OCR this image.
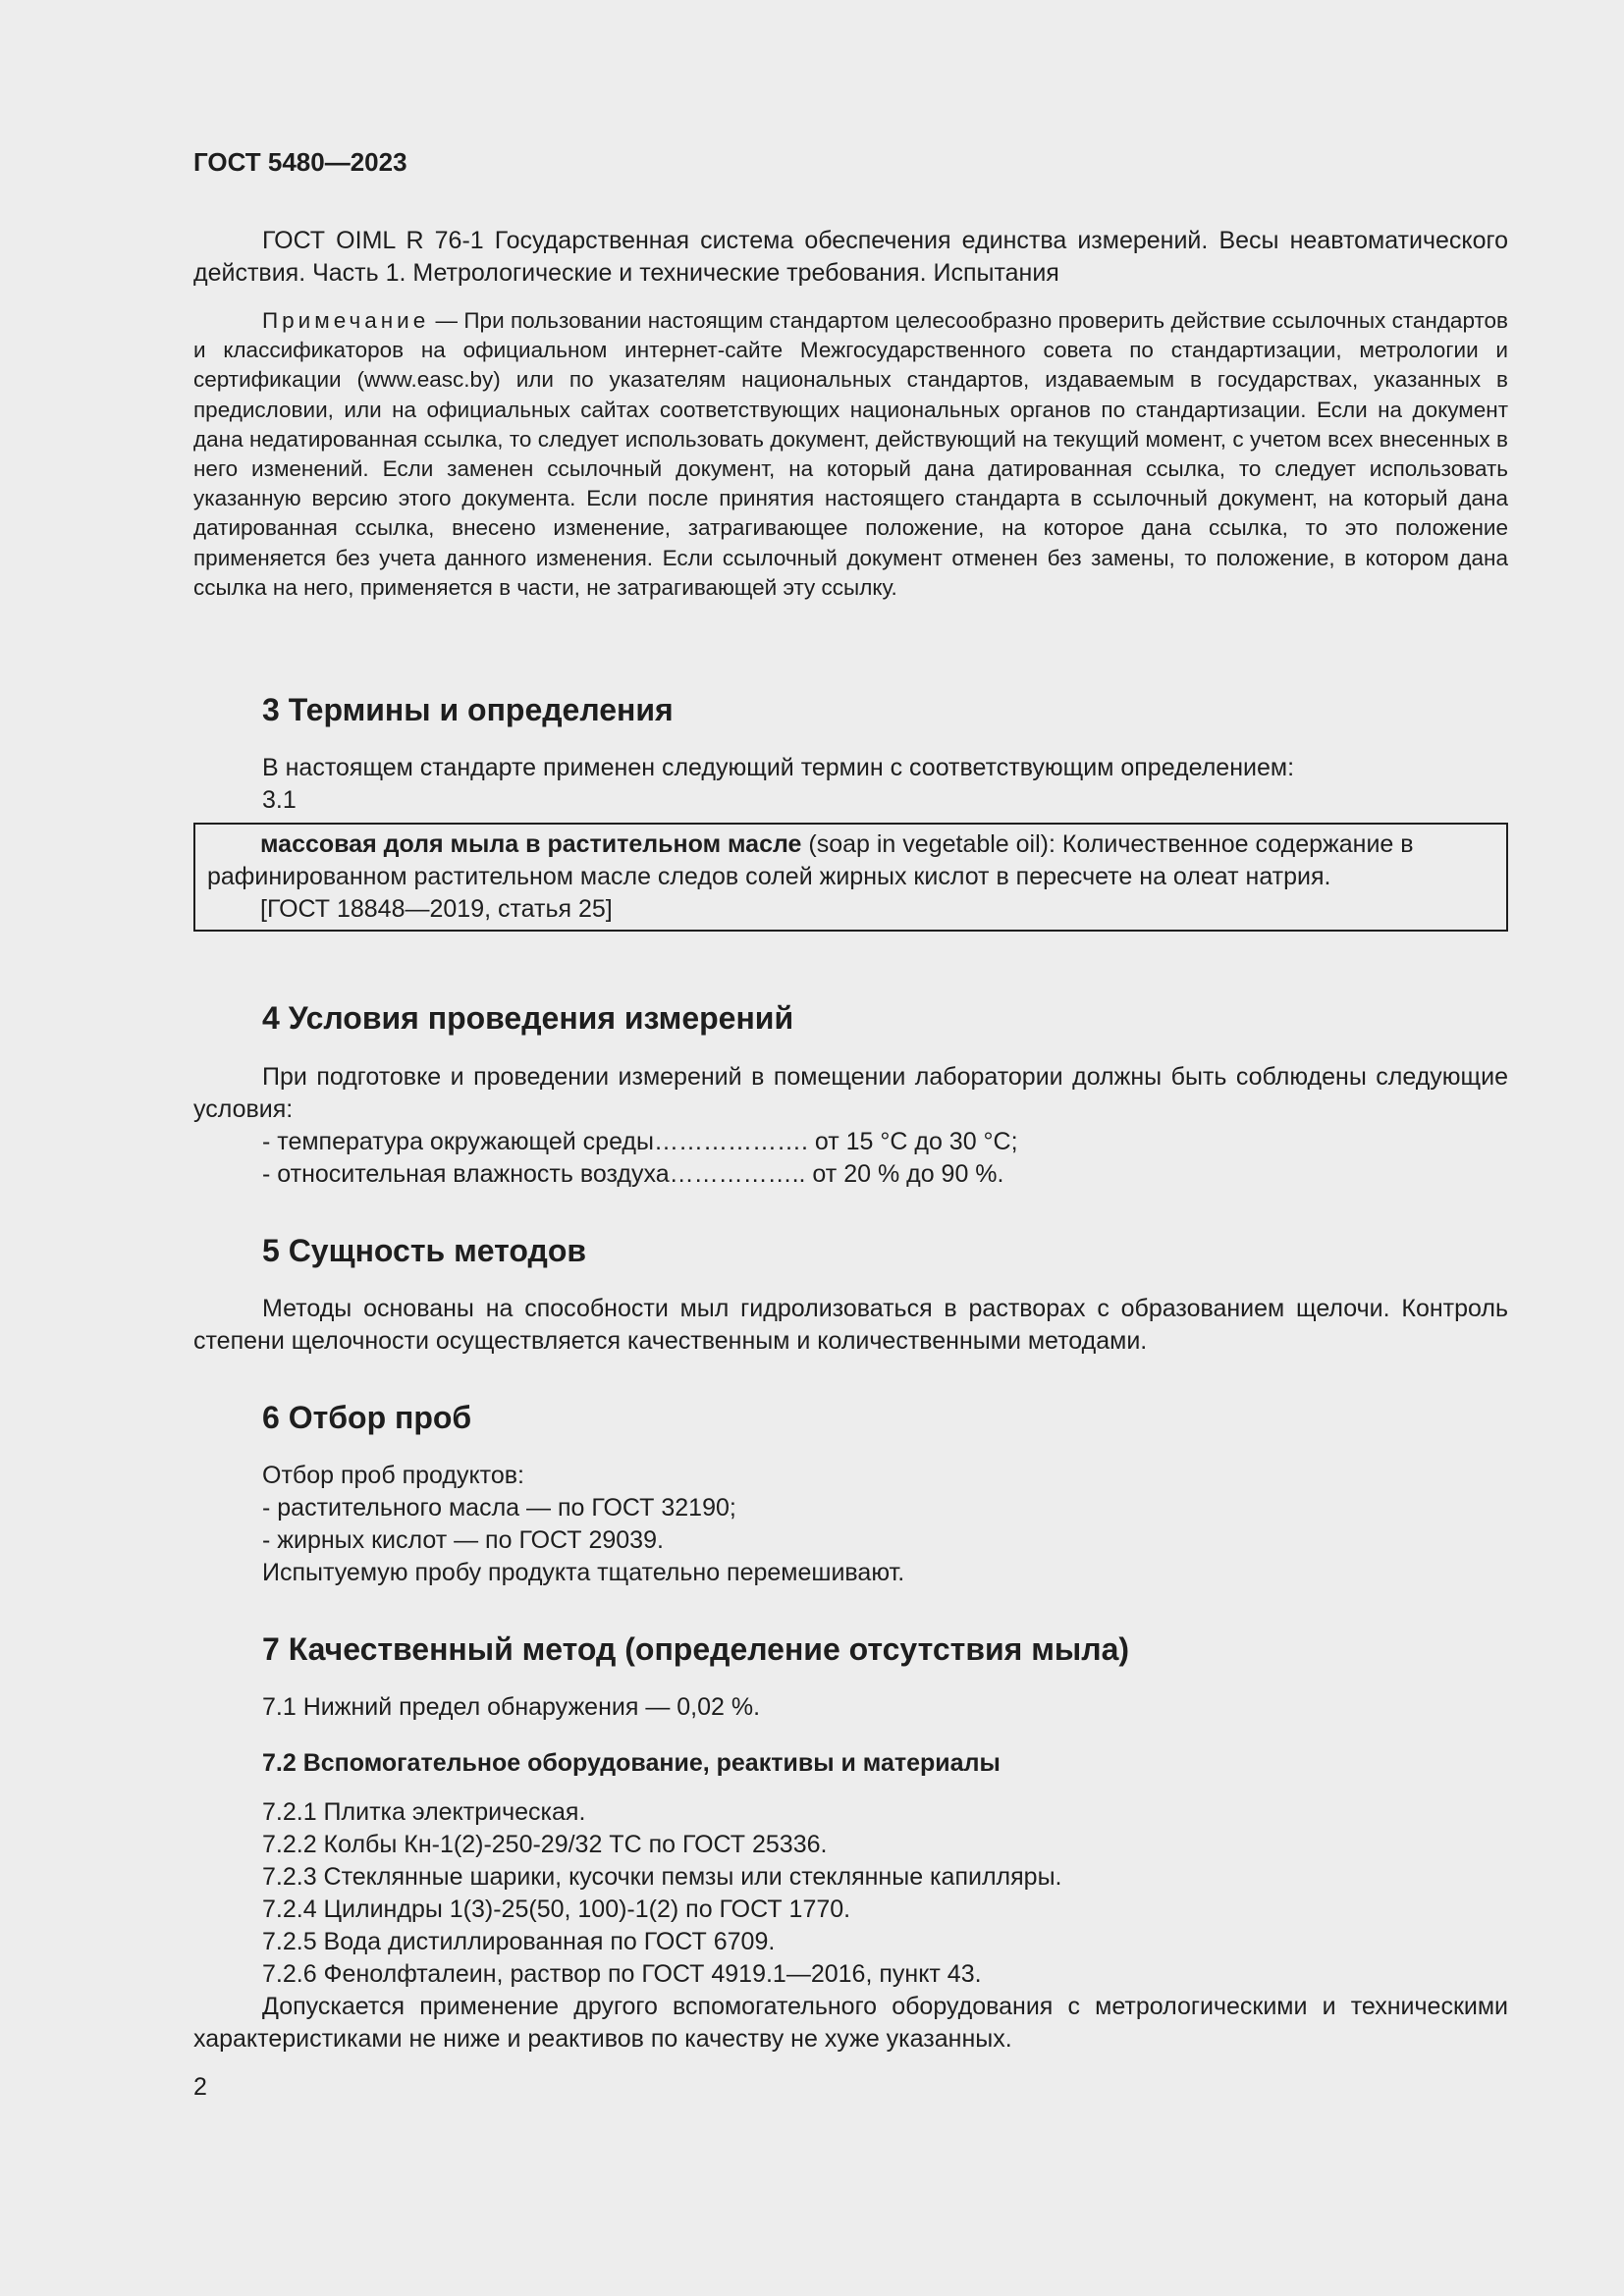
ГОСТ 5480—2023

ГОСТ OIML R 76-1 Государственная система обеспечения единства измерений. Весы неавтоматического действия. Часть 1. Метрологические и технические требования. Испытания

Примечание — При пользовании настоящим стандартом целесообразно проверить действие ссылочных стандартов и классификаторов на официальном интернет-сайте Межгосударственного совета по стандартизации, метрологии и сертификации (www.easc.by) или по указателям национальных стандартов, издаваемым в государствах, указанных в предисловии, или на официальных сайтах соответствующих национальных органов по стандартизации. Если на документ дана недатированная ссылка, то следует использовать документ, действующий на текущий момент, с учетом всех внесенных в него изменений. Если заменен ссылочный документ, на который дана датированная ссылка, то следует использовать указанную версию этого документа. Если после принятия настоящего стандарта в ссылочный документ, на который дана датированная ссылка, внесено изменение, затрагивающее положение, на которое дана ссылка, то это положение применяется без учета данного изменения. Если ссылочный документ отменен без замены, то положение, в котором дана ссылка на него, применяется в части, не затрагивающей эту ссылку.

3 Термины и определения

В настоящем стандарте применен следующий термин с соответствующим определением:

3.1

массовая доля мыла в растительном масле (soap in vegetable oil): Количественное содержание в рафинированном растительном масле следов солей жирных кислот в пересчете на олеат натрия.

[ГОСТ 18848—2019, статья 25]

4 Условия проведения измерений

При подготовке и проведении измерений в помещении лаборатории должны быть соблюдены следующие условия:

- температура окружающей среды………………. от 15 °С до 30 °С;

- относительная влажность воздуха…………….. от 20 % до 90 %.

5 Сущность методов

Методы основаны на способности мыл гидролизоваться в растворах с образованием щелочи. Контроль степени щелочности осуществляется качественным и количественными методами.

6 Отбор проб

Отбор проб продуктов:

- растительного масла — по ГОСТ 32190;

- жирных кислот — по ГОСТ 29039.

Испытуемую пробу продукта тщательно перемешивают.

7 Качественный метод (определение отсутствия мыла)

7.1 Нижний предел обнаружения — 0,02 %.

7.2 Вспомогательное оборудование, реактивы и материалы

7.2.1 Плитка электрическая.

7.2.2 Колбы Кн-1(2)-250-29/32 ТС по ГОСТ 25336.

7.2.3 Стеклянные шарики, кусочки пемзы или стеклянные капилляры.

7.2.4 Цилиндры 1(3)-25(50, 100)-1(2) по ГОСТ 1770.

7.2.5 Вода дистиллированная по ГОСТ 6709.

7.2.6 Фенолфталеин, раствор по ГОСТ 4919.1—2016, пункт 43.

Допускается применение другого вспомогательного оборудования с метрологическими и техническими характеристиками не ниже и реактивов по качеству не хуже указанных.

2
